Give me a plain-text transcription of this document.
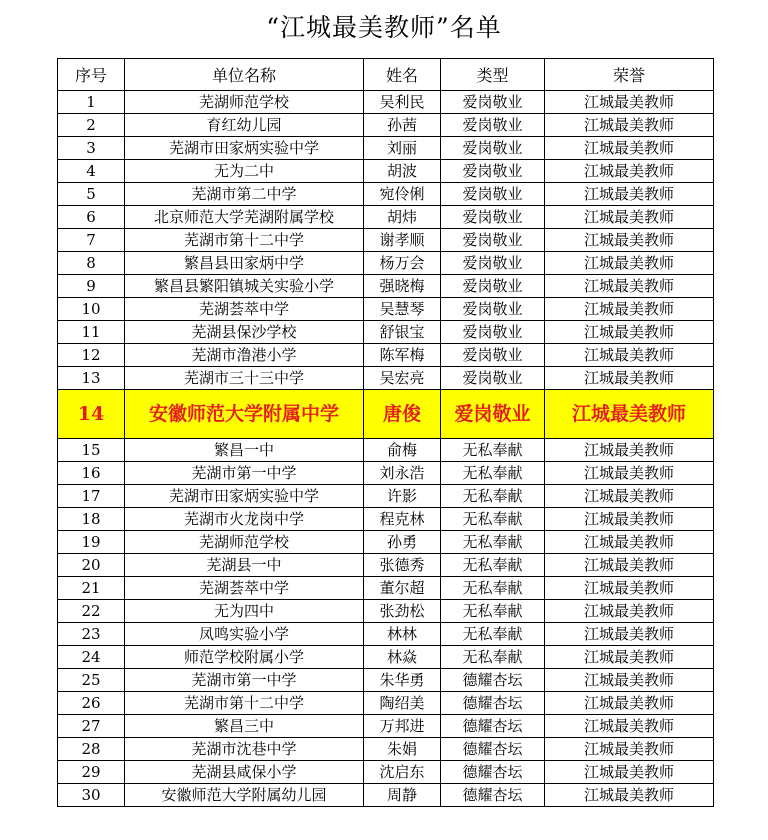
“江城最美教师”名单
序号	单位名称	姓名	类型	荣誉
1	芜湖师范学校	吴利民	爱岗敬业	江城最美教师
2	育红幼儿园	孙茜	爱岗敬业	江城最美教师
3	芜湖市田家炳实验中学	刘丽	爱岗敬业	江城最美教师
4	无为二中	胡波	爱岗敬业	江城最美教师
5	芜湖市第二中学	宛伶俐	爱岗敬业	江城最美教师
6	北京师范大学芜湖附属学校	胡炜	爱岗敬业	江城最美教师
7	芜湖市第十二中学	谢孝顺	爱岗敬业	江城最美教师
8	繁昌县田家炳中学	杨万会	爱岗敬业	江城最美教师
9	繁昌县繁阳镇城关实验小学	强晓梅	爱岗敬业	江城最美教师
10	芜湖荟萃中学	吴慧琴	爱岗敬业	江城最美教师
11	芜湖县保沙学校	舒银宝	爱岗敬业	江城最美教师
12	芜湖市澛港小学	陈军梅	爱岗敬业	江城最美教师
13	芜湖市三十三中学	吴宏亮	爱岗敬业	江城最美教师
14	安徽师范大学附属中学	唐俊	爱岗敬业	江城最美教师
15	繁昌一中	俞梅	无私奉献	江城最美教师
16	芜湖市第一中学	刘永浩	无私奉献	江城最美教师
17	芜湖市田家炳实验中学	许影	无私奉献	江城最美教师
18	芜湖市火龙岗中学	程克林	无私奉献	江城最美教师
19	芜湖师范学校	孙勇	无私奉献	江城最美教师
20	芜湖县一中	张德秀	无私奉献	江城最美教师
21	芜湖荟萃中学	董尔超	无私奉献	江城最美教师
22	无为四中	张劲松	无私奉献	江城最美教师
23	凤鸣实验小学	林林	无私奉献	江城最美教师
24	师范学校附属小学	林焱	无私奉献	江城最美教师
25	芜湖市第一中学	朱华勇	德耀杏坛	江城最美教师
26	芜湖市第十二中学	陶绍美	德耀杏坛	江城最美教师
27	繁昌三中	万邦进	德耀杏坛	江城最美教师
28	芜湖市沈巷中学	朱娟	德耀杏坛	江城最美教师
29	芜湖县咸保小学	沈启东	德耀杏坛	江城最美教师
30	安徽师范大学附属幼儿园	周静	德耀杏坛	江城最美教师
